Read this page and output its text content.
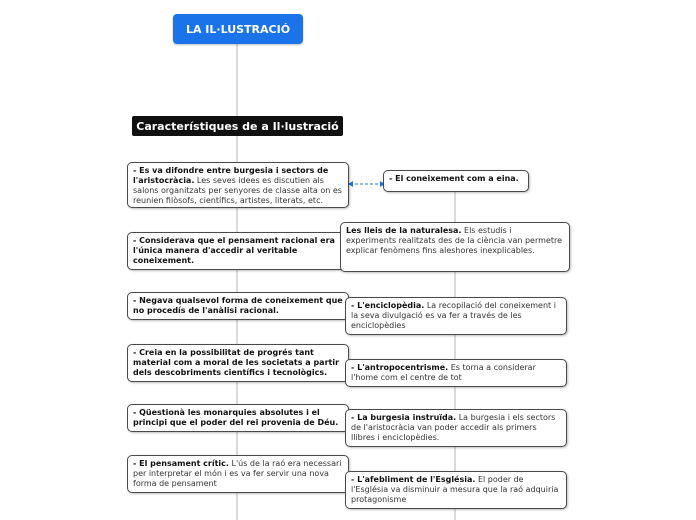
LA IL·LUSTRACIÓ
Característiques de a Il·lustració
- Es va difondre entre burgesia i sectors de l'aristocràcia. Les seves idees es discutien als salons organitzats per senyores de classe alta on es reunien filòsofs, científics, artistes, literats, etc.
- Considerava que el pensament racional era l'única manera d'accedir al veritable coneixement.
- Negava qualsevol forma de coneixement que no procedís de l'anàlisi racional.
- Creia en la possibilitat de progrés tant material com a moral de les societats a partir dels descobriments científics i tecnològics.
- Qüestionà les monarquies absolutes i el principi que el poder del rei provenia de Déu.
- El pensament crític. L'ús de la raó era necessari per interpretar el món i es va fer servir una nova forma de pensament
- El coneixement com a eina.
Les lleis de la naturalesa. Els estudis i experiments realitzats des de la ciència van permetre explicar fenòmens fins aleshores inexplicables.
- L'enciclopèdia. La recopilació del coneixement i la seva divulgació es va fer a través de les enciclopèdies
- L'antropocentrisme. Es torna a considerar l'home com el centre de tot
- La burgesia instruïda. La burgesia i els sectors de l'aristocràcia van poder accedir als primers llibres i enciclopèdies.
- L'afebliment de l'Església. El poder de l'Església va disminuir a mesura que la raó adquiria protagonisme
